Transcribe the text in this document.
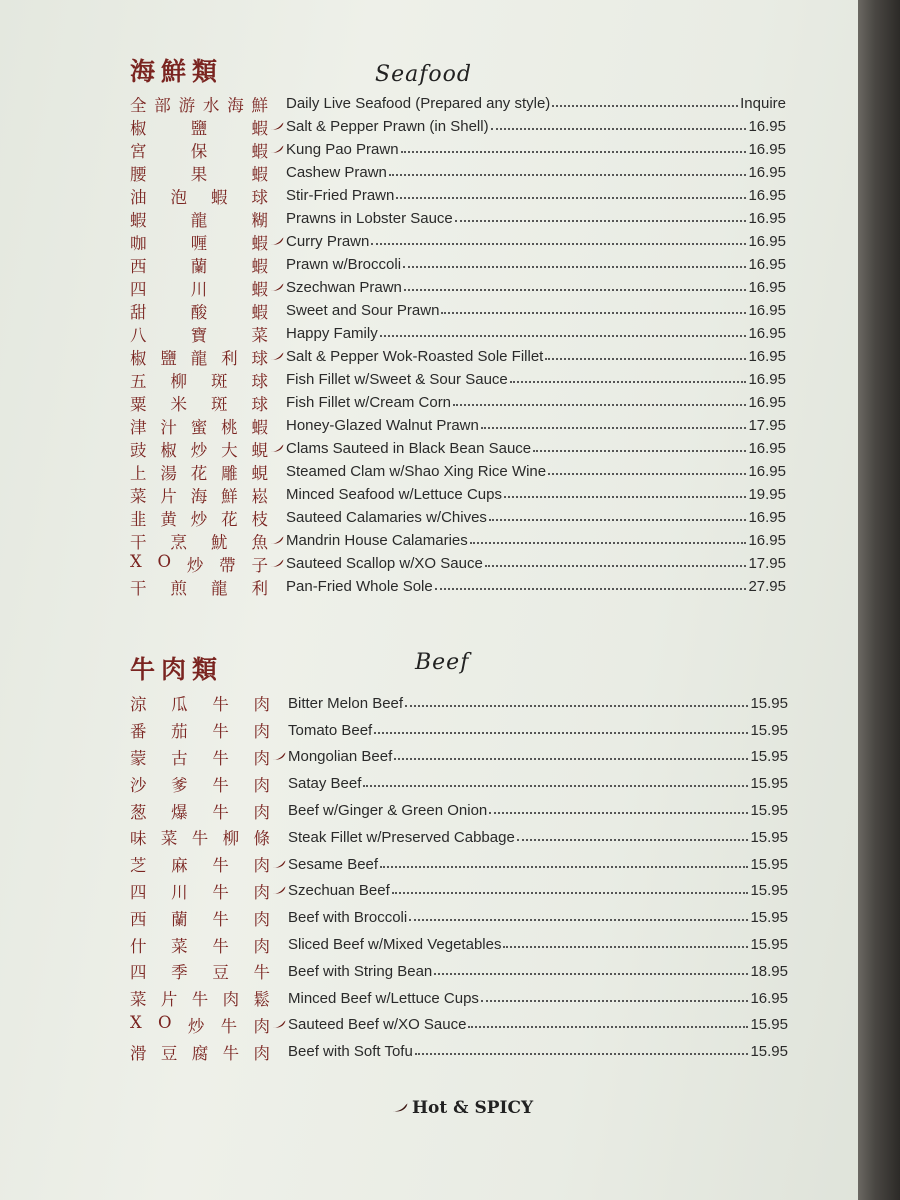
海鮮類	Seafood
全 部 游 水 海 鮮 Daily Live Seafood (Prepared any style)	Inquire
椒	鹽	蝦 Salt & Pepper Prawn (in Shell)	16.95
宮	保	蝦 Kung Pao Prawn	16.95
腰	果	蝦 Cashew Prawn	16.95
油 泡 蝦 球 Stir-Fried Prawn	16.95
蝦	龍	糊 Prawns in Lobster Sauce	16.95
咖	喱	蝦 Curry Prawn	16.95
西	蘭	蝦 Prawn w/Broccoli	16.95
四	川	蝦 Szechwan Prawn	16.95
甜	酸	蝦 Sweet and Sour Prawn	16.95
八	寶	菜 Happy Family	16.95
椒 鹽 龍 利 球 Salt & Pepper Wok-Roasted Sole Fillet	16.95
五 柳 斑 球 Fish Fillet w/Sweet & Sour Sauce	16.95
粟 米 斑 球 Fish Fillet w/Cream Corn	16.95
津 汁 蜜 桃 蝦 Honey-Glazed Walnut Prawn	17.95
豉 椒 炒 大 蜆 Clams Sauteed in Black Bean Sauce	16.95
上 湯 花 雕 蜆 Steamed Clam w/Shao Xing Rice Wine	16.95
菜 片 海 鮮 崧 Minced Seafood w/Lettuce Cups	19.95
韭 黄 炒 花 枝 Sauteed Calamaries w/Chives	16.95
干 烹 魷 魚 Mandrin House Calamaries	16.95
X O 炒 帶 子 Sauteed Scallop w/XO Sauce	17.95
干 煎 龍 利 Pan-Fried Whole Sole	27.95
牛肉類	Beef
涼 瓜 牛 肉 Bitter Melon Beef	15.95
番 茄 牛 肉 Tomato Beef	15.95
蒙 古 牛 肉 Mongolian Beef	15.95
沙 爹 牛 肉 Satay Beef	15.95
葱 爆 牛 肉 Beef w/Ginger & Green Onion	15.95
味 菜 牛 柳 條 Steak Fillet w/Preserved Cabbage	15.95
芝 麻 牛 肉 Sesame Beef	15.95
四 川 牛 肉 Szechuan Beef	15.95
西 蘭 牛 肉 Beef with Broccoli	15.95
什 菜 牛 肉 Sliced Beef w/Mixed Vegetables	15.95
四 季 豆 牛 Beef with String Bean	18.95
菜 片 牛 肉 鬆 Minced Beef w/Lettuce Cups	16.95
X O 炒 牛 肉 Sauteed Beef w/XO Sauce	15.95
滑 豆 腐 牛 肉 Beef with Soft Tofu	15.95
Hot & SPICY
